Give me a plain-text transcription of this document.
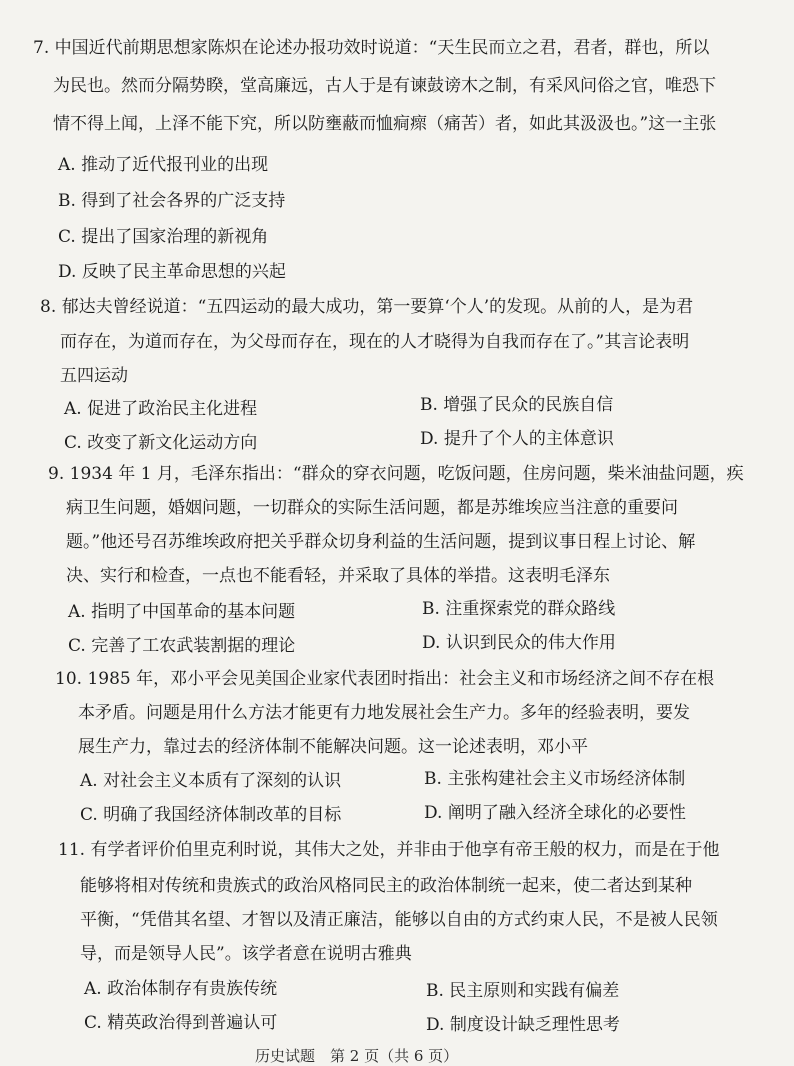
7. 中国近代前期思想家陈炽在论述办报功效时说道：“天生民而立之君，君者，群也，所以
为民也。然而分隔势睽，堂高廉远，古人于是有谏鼓谤木之制，有采风问俗之官，唯恐下
情不得上闻，上泽不能下究，所以防壅蔽而恤痌瘝（痛苦）者，如此其汲汲也。”这一主张
A. 推动了近代报刊业的出现
B. 得到了社会各界的广泛支持
C. 提出了国家治理的新视角
D. 反映了民主革命思想的兴起
8. 郁达夫曾经说道：“五四运动的最大成功，第一要算‘个人’的发现。从前的人，是为君
而存在，为道而存在，为父母而存在，现在的人才晓得为自我而存在了。”其言论表明
五四运动
A. 促进了政治民主化进程	B. 增强了民众的民族自信
C. 改变了新文化运动方向	D. 提升了个人的主体意识
9. 1934 年 1 月，毛泽东指出：“群众的穿衣问题，吃饭问题，住房问题，柴米油盐问题，疾
病卫生问题，婚姻问题，一切群众的实际生活问题，都是苏维埃应当注意的重要问
题。”他还号召苏维埃政府把关乎群众切身利益的生活问题，提到议事日程上讨论、解
决、实行和检查，一点也不能看轻，并采取了具体的举措。这表明毛泽东
A. 指明了中国革命的基本问题	B. 注重探索党的群众路线
C. 完善了工农武装割据的理论	D. 认识到民众的伟大作用
10. 1985 年，邓小平会见美国企业家代表团时指出：社会主义和市场经济之间不存在根
本矛盾。问题是用什么方法才能更有力地发展社会生产力。多年的经验表明，要发
展生产力，靠过去的经济体制不能解决问题。这一论述表明，邓小平
A. 对社会主义本质有了深刻的认识	B. 主张构建社会主义市场经济体制
C. 明确了我国经济体制改革的目标	D. 阐明了融入经济全球化的必要性
11. 有学者评价伯里克利时说，其伟大之处，并非由于他享有帝王般的权力，而是在于他
能够将相对传统和贵族式的政治风格同民主的政治体制统一起来，使二者达到某种
平衡，“凭借其名望、才智以及清正廉洁，能够以自由的方式约束人民，不是被人民领
导，而是领导人民”。该学者意在说明古雅典
A. 政治体制存有贵族传统	B. 民主原则和实践有偏差
C. 精英政治得到普遍认可	D. 制度设计缺乏理性思考
历史试题　第 2 页（共 6 页）
